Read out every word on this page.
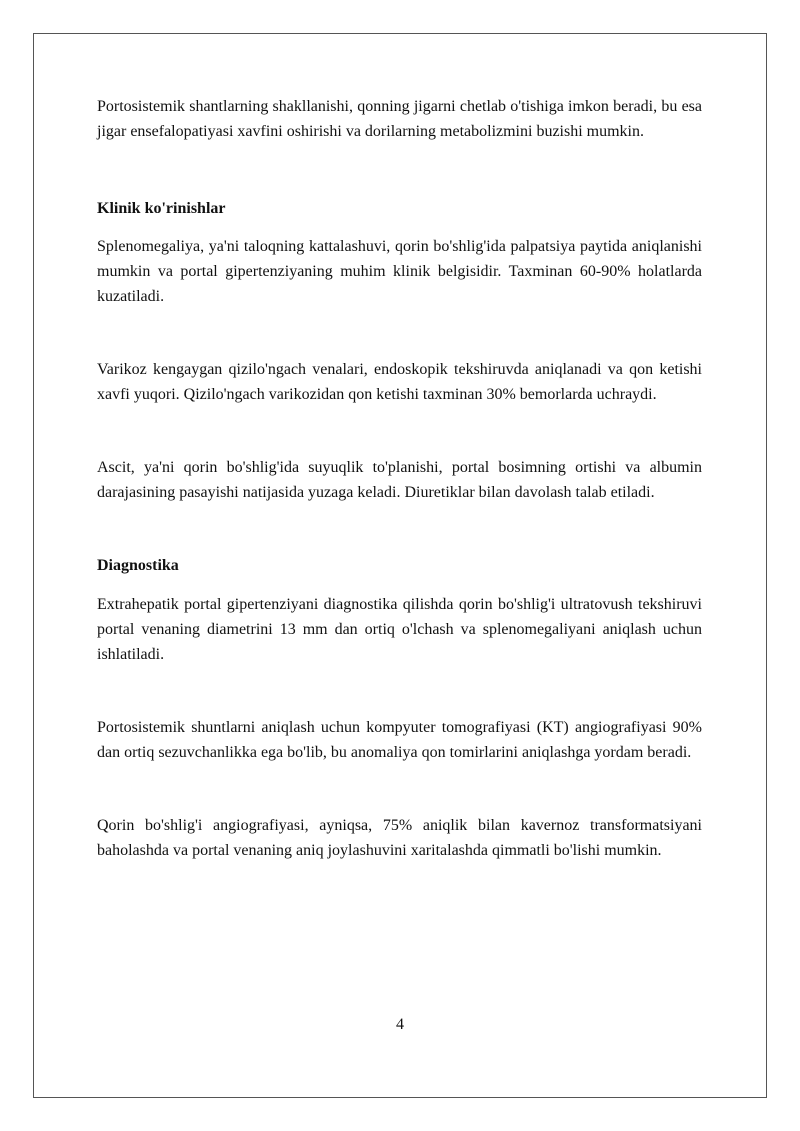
Portosistemik shantlarning shakllanishi, qonning jigarni chetlab o'tishiga imkon beradi, bu esa jigar ensefalopatiyasi xavfini oshirishi va dorilarning metabolizmini buzishi mumkin.

Klinik ko'rinishlar

Splenomegaliya, ya'ni taloqning kattalashuvi, qorin bo'shlig'ida palpatsiya paytida aniqlanishi mumkin va portal gipertenziyaning muhim klinik belgisidir. Taxminan 60-90% holatlarda kuzatiladi.

Varikoz kengaygan qizilo'ngach venalari, endoskopik tekshiruvda aniqlanadi va qon ketishi xavfi yuqori. Qizilo'ngach varikozidan qon ketishi taxminan 30% bemorlarda uchraydi.

Ascit, ya'ni qorin bo'shlig'ida suyuqlik to'planishi, portal bosimning ortishi va albumin darajasining pasayishi natijasida yuzaga keladi. Diuretiklar bilan davolash talab etiladi.

Diagnostika

Extrahepatik portal gipertenziyani diagnostika qilishda qorin bo'shlig'i ultratovush tekshiruvi portal venaning diametrini 13 mm dan ortiq o'lchash va splenomegaliyani aniqlash uchun ishlatiladi.

Portosistemik shuntlarni aniqlash uchun kompyuter tomografiyasi (KT) angiografiyasi 90% dan ortiq sezuvchanlikka ega bo'lib, bu anomaliya qon tomirlarini aniqlashga yordam beradi.

Qorin bo'shlig'i angiografiyasi, ayniqsa, 75% aniqlik bilan kavernoz transformatsiyani baholashda va portal venaning aniq joylashuvini xaritalashda qimmatli bo'lishi mumkin.

4
